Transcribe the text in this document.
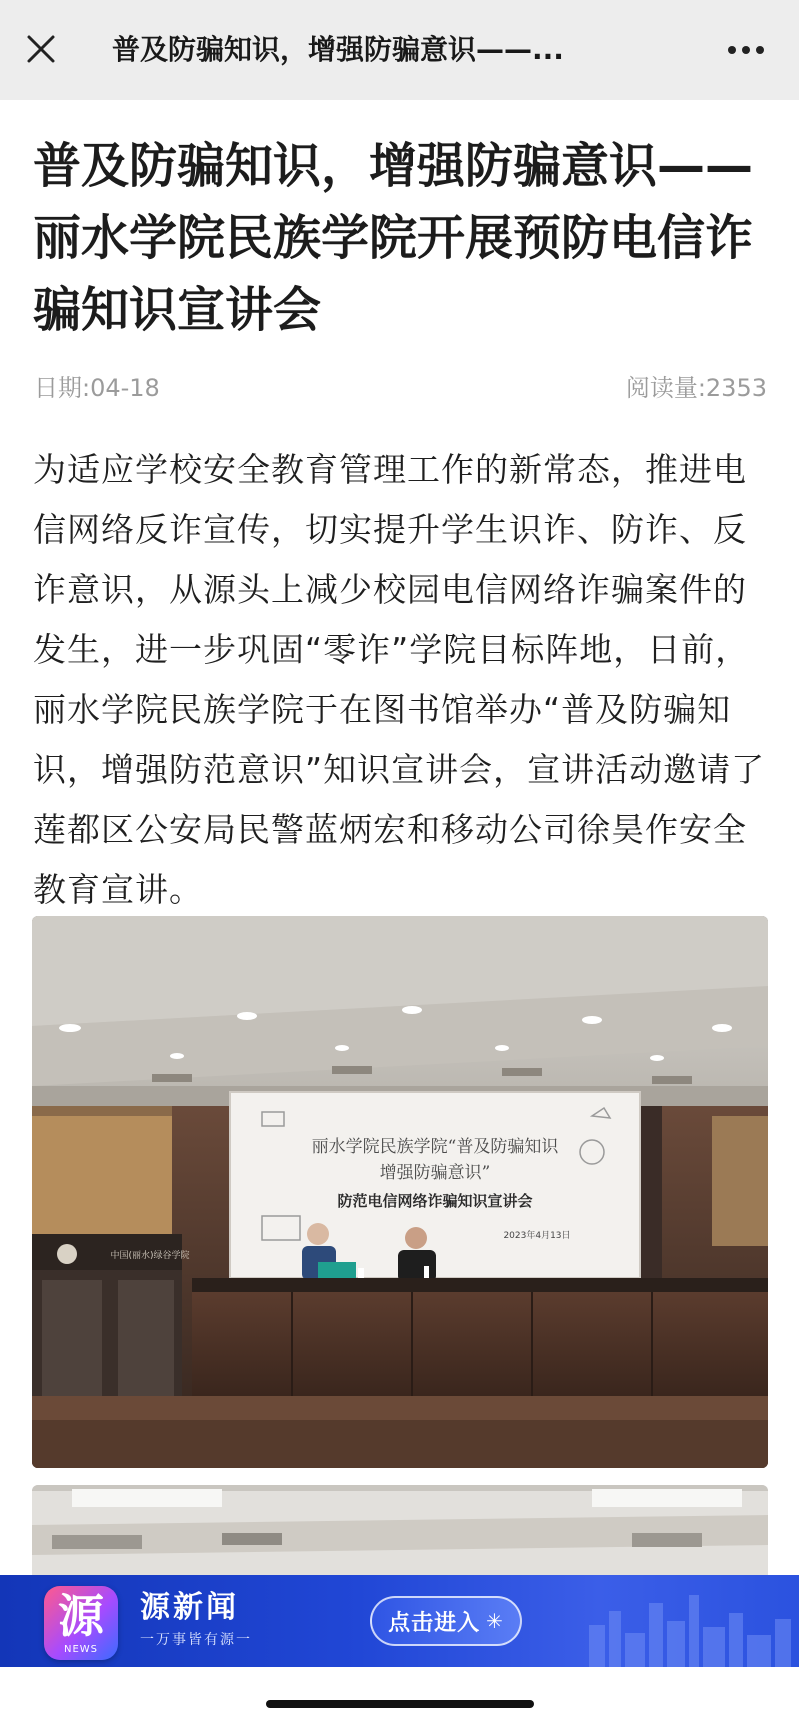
普及防骗知识，增强防骗意识——...
普及防骗知识，增强防骗意识——丽水学院民族学院开展预防电信诈骗知识宣讲会
日期:04-18	阅读量:2353

为适应学校安全教育管理工作的新常态，推进电信网络反诈宣传，切实提升学生识诈、防诈、反诈意识，从源头上减少校园电信网络诈骗案件的发生，进一步巩固“零诈”学院目标阵地，日前，丽水学院民族学院于在图书馆举办“普及防骗知识，增强防范意识”知识宣讲会，宣讲活动邀请了莲都区公安局民警蓝炳宏和移动公司徐昊作安全教育宣讲。

丽水学院民族学院“普及防骗知识
增强防骗意识”
防范电信网络诈骗知识宣讲会
2023年4月13日
中国(丽水)绿谷学院
源
NEWS
源新闻
一万事皆有源一
点击进入 ✳
